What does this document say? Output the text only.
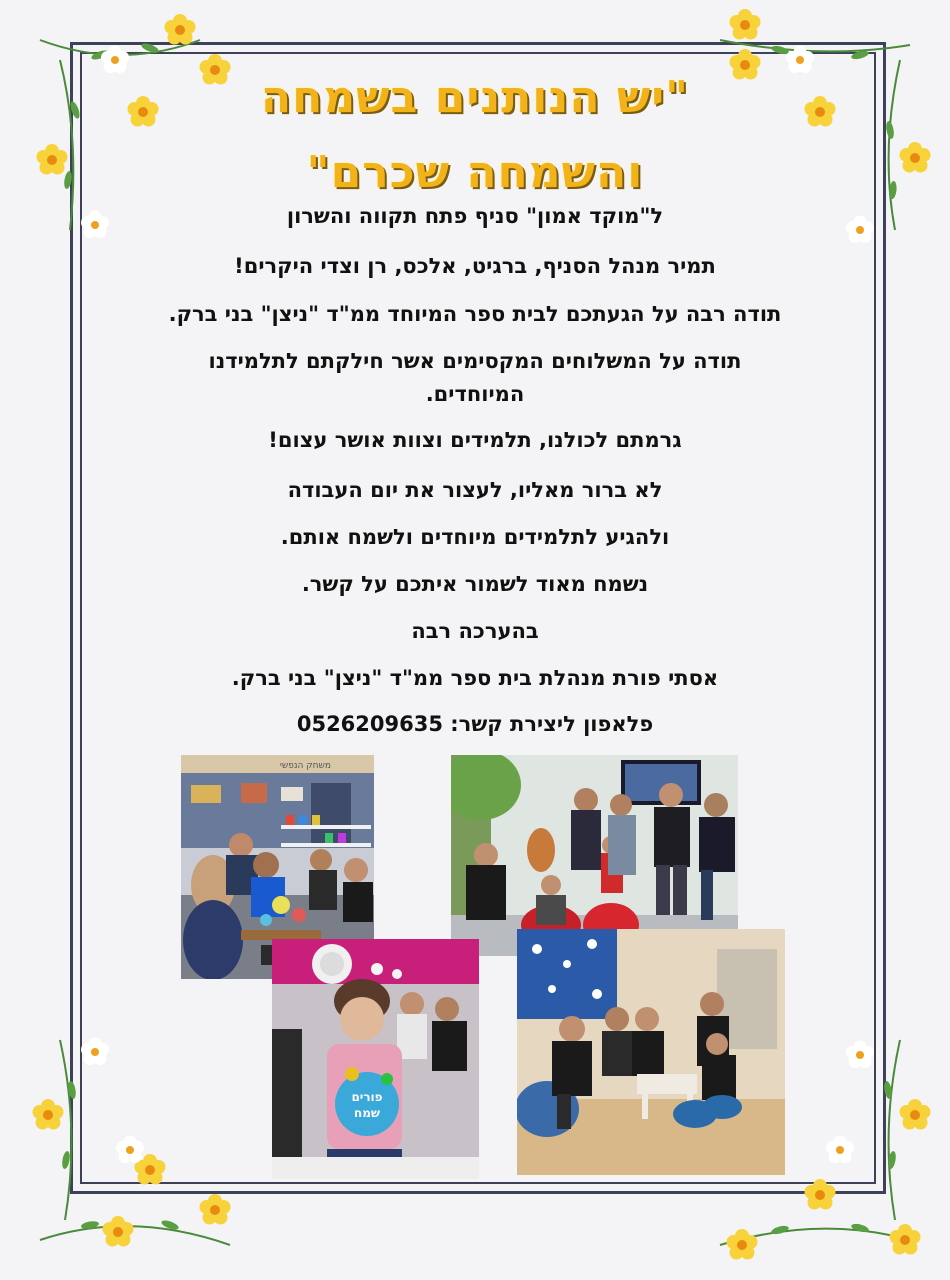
"יש הנותנים בשמחה
והשמחה שכרם"
ל"מוקד אמון" סניף פתח תקווה והשרון
תמיר מנהל הסניף, ברגיט, אלכס, רן וצדי היקרים!
תודה רבה על הגעתכם לבית ספר המיוחד ממ"ד "ניצן" בני ברק.
תודה על המשלוחים המקסימים אשר חילקתם לתלמידנו
המיוחדים.
גרמתם לכולנו, תלמידים וצוות אושר עצום!
לא ברור מאליו, לעצור את יום העבודה
ולהגיע לתלמידים מיוחדים ולשמח אותם.
נשמח מאוד לשמור איתכם על קשר.
בהערכה רבה
אסתי פורת מנהלת בית ספר ממ"ד "ניצן" בני ברק.
פלאפון ליצירת קשר: 0526209635
משחק הנפשי
פורים
שמח
